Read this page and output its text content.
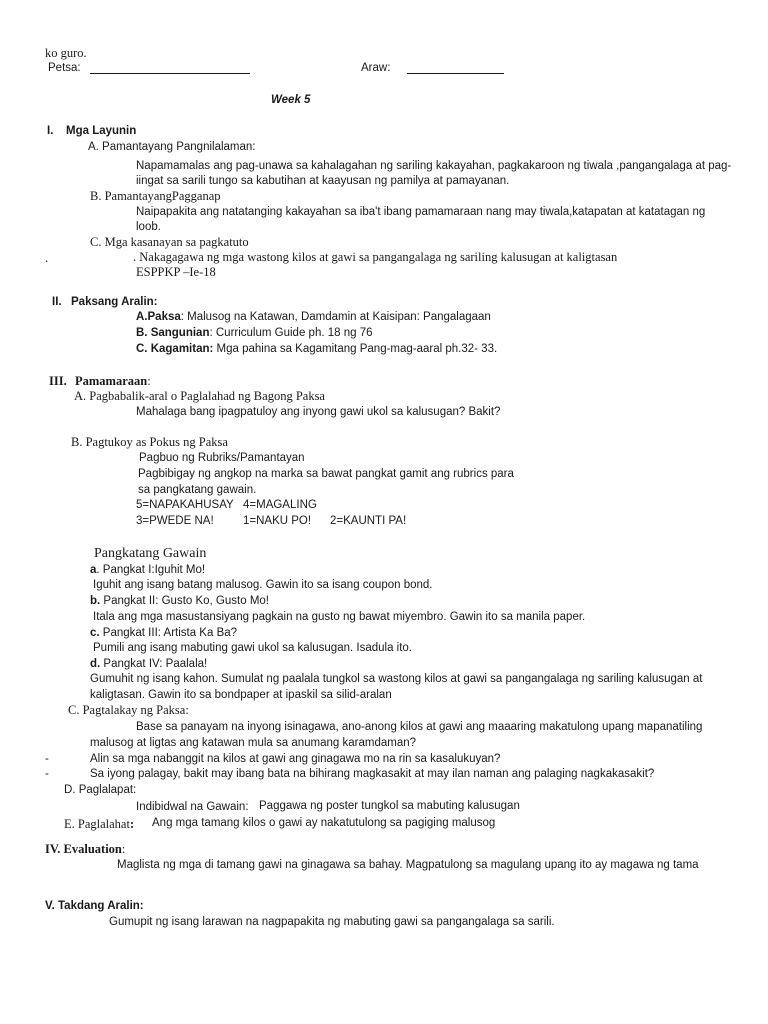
ko guro.
Petsa:	Araw:
Week 5
I. Mga Layunin
A. Pamantayang Pangnilalaman:
Napamamalas ang pag-unawa sa kahalagahan ng sariling kakayahan, pagkakaroon ng tiwala ,pangangalaga at pag-
iingat sa sarili tungo sa kabutihan at kaayusan ng pamilya at pamayanan.
B. PamantayangPagganap
Naipapakita ang natatanging kakayahan sa iba't ibang pamamaraan nang may tiwala,katapatan at katatagan ng
loob.
C. Mga kasanayan sa pagkatuto
.	. Nakagagawa ng mga wastong kilos at gawi sa pangangalaga ng sariling kalusugan at kaligtasan
ESPPKP –Ie-18
II. Paksang Aralin:
A.Paksa: Malusog na Katawan, Damdamin at Kaisipan: Pangalagaan
B. Sangunian: Curriculum Guide ph. 18 ng 76
C. Kagamitan: Mga pahina sa Kagamitang Pang-mag-aaral ph.32- 33.
III. Pamamaraan:
A. Pagbabalik-aral o Paglalahad ng Bagong Paksa
Mahalaga bang ipagpatuloy ang inyong gawi ukol sa kalusugan? Bakit?
B. Pagtukoy as Pokus ng Paksa
Pagbuo ng Rubriks/Pamantayan
Pagbibigay ng angkop na marka sa bawat pangkat gamit ang rubrics para
sa pangkatang gawain.
5=NAPAKAHUSAY 4=MAGALING
3=PWEDE NA!	1=NAKU PO! 2=KAUNTI PA!
Pangkatang Gawain
a. Pangkat I:Iguhit Mo!
Iguhit ang isang batang malusog. Gawin ito sa isang coupon bond.
b. Pangkat II: Gusto Ko, Gusto Mo!
Itala ang mga masustansiyang pagkain na gusto ng bawat miyembro. Gawin ito sa manila paper.
c. Pangkat III: Artista Ka Ba?
Pumili ang isang mabuting gawi ukol sa kalusugan. Isadula ito.
d. Pangkat IV: Paalala!
Gumuhit ng isang kahon. Sumulat ng paalala tungkol sa wastong kilos at gawi sa pangangalaga ng sariling kalusugan at
kaligtasan. Gawin ito sa bondpaper at ipaskil sa silid-aralan
C. Pagtalakay ng Paksa:
Base sa panayam na inyong isinagawa, ano-anong kilos at gawi ang maaaring makatulong upang mapanatiling
malusog at ligtas ang katawan mula sa anumang karamdaman?
-	Alin sa mga nabanggit na kilos at gawi ang ginagawa mo na rin sa kasalukuyan?
-	Sa iyong palagay, bakit may ibang bata na bihirang magkasakit at may ilan naman ang palaging nagkakasakit?
D. Paglalapat:
Indibidwal na Gawain: Paggawa ng poster tungkol sa mabuting kalusugan
E. Paglalahat: Ang mga tamang kilos o gawi ay nakatutulong sa pagiging malusog
IV. Evaluation:
Maglista ng mga di tamang gawi na ginagawa sa bahay. Magpatulong sa magulang upang ito ay magawa ng tama
V. Takdang Aralin:
Gumupit ng isang larawan na nagpapakita ng mabuting gawi sa pangangalaga sa sarili.
